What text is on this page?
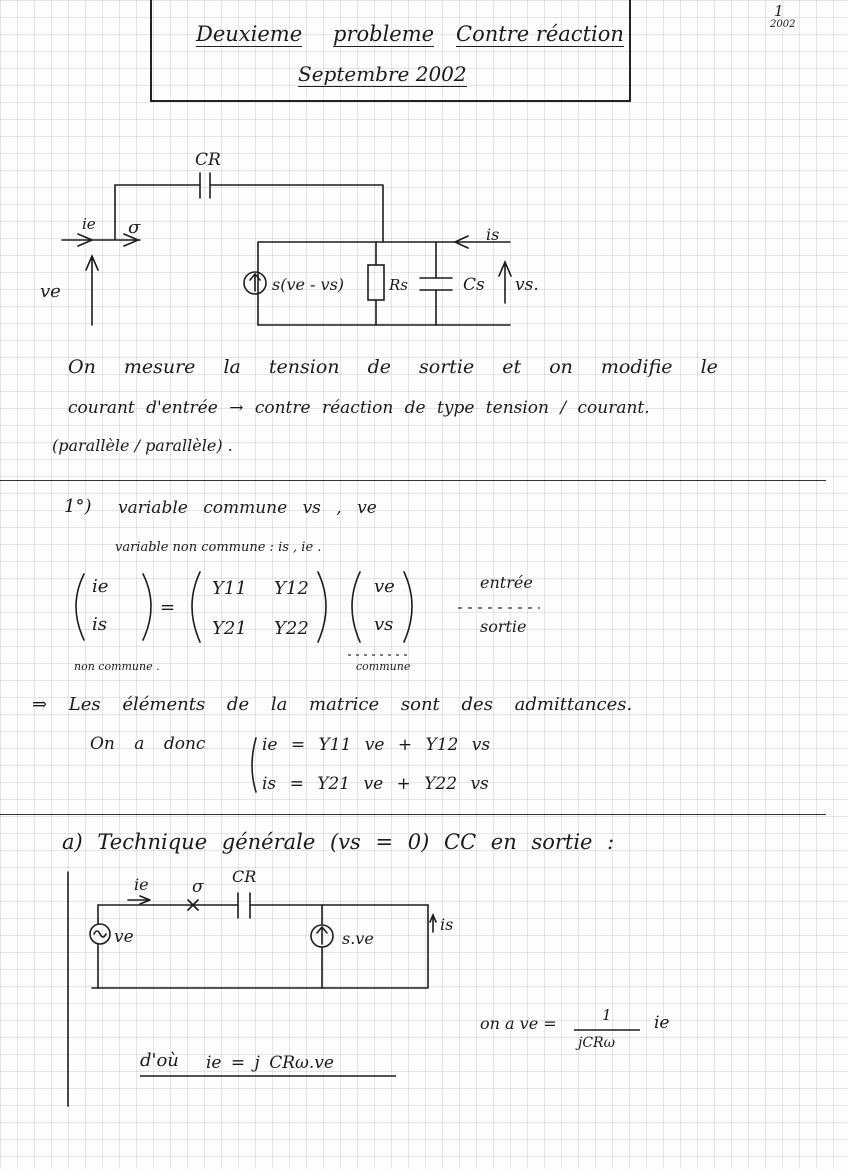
1
2002
Deuxieme probleme Contre réaction
Septembre 2002
CR
ie σ	is
ve	s(ve - vs)	Rs	Cs vs.
On mesure la tension de sortie et on modifie le
courant d'entrée → contre réaction de type tension / courant.
(parallèle / parallèle) .
1°) variable commune vs , ve
variable non commune : is , ie .
ie
is
=
Y11 Y12
Y21 Y22
ve
vs
entrée
sortie
non commune .	commune
⇒ Les éléments de la matrice sont des admittances.
On a donc	ie = Y11 ve + Y12 vs
is = Y21 ve + Y22 vs
a) Technique générale (vs = 0) CC en sortie :
ie	σ
CR
ve	s.ve
is
on a ve =	1
jCRω
ie
d'où ie = j CRω.ve
